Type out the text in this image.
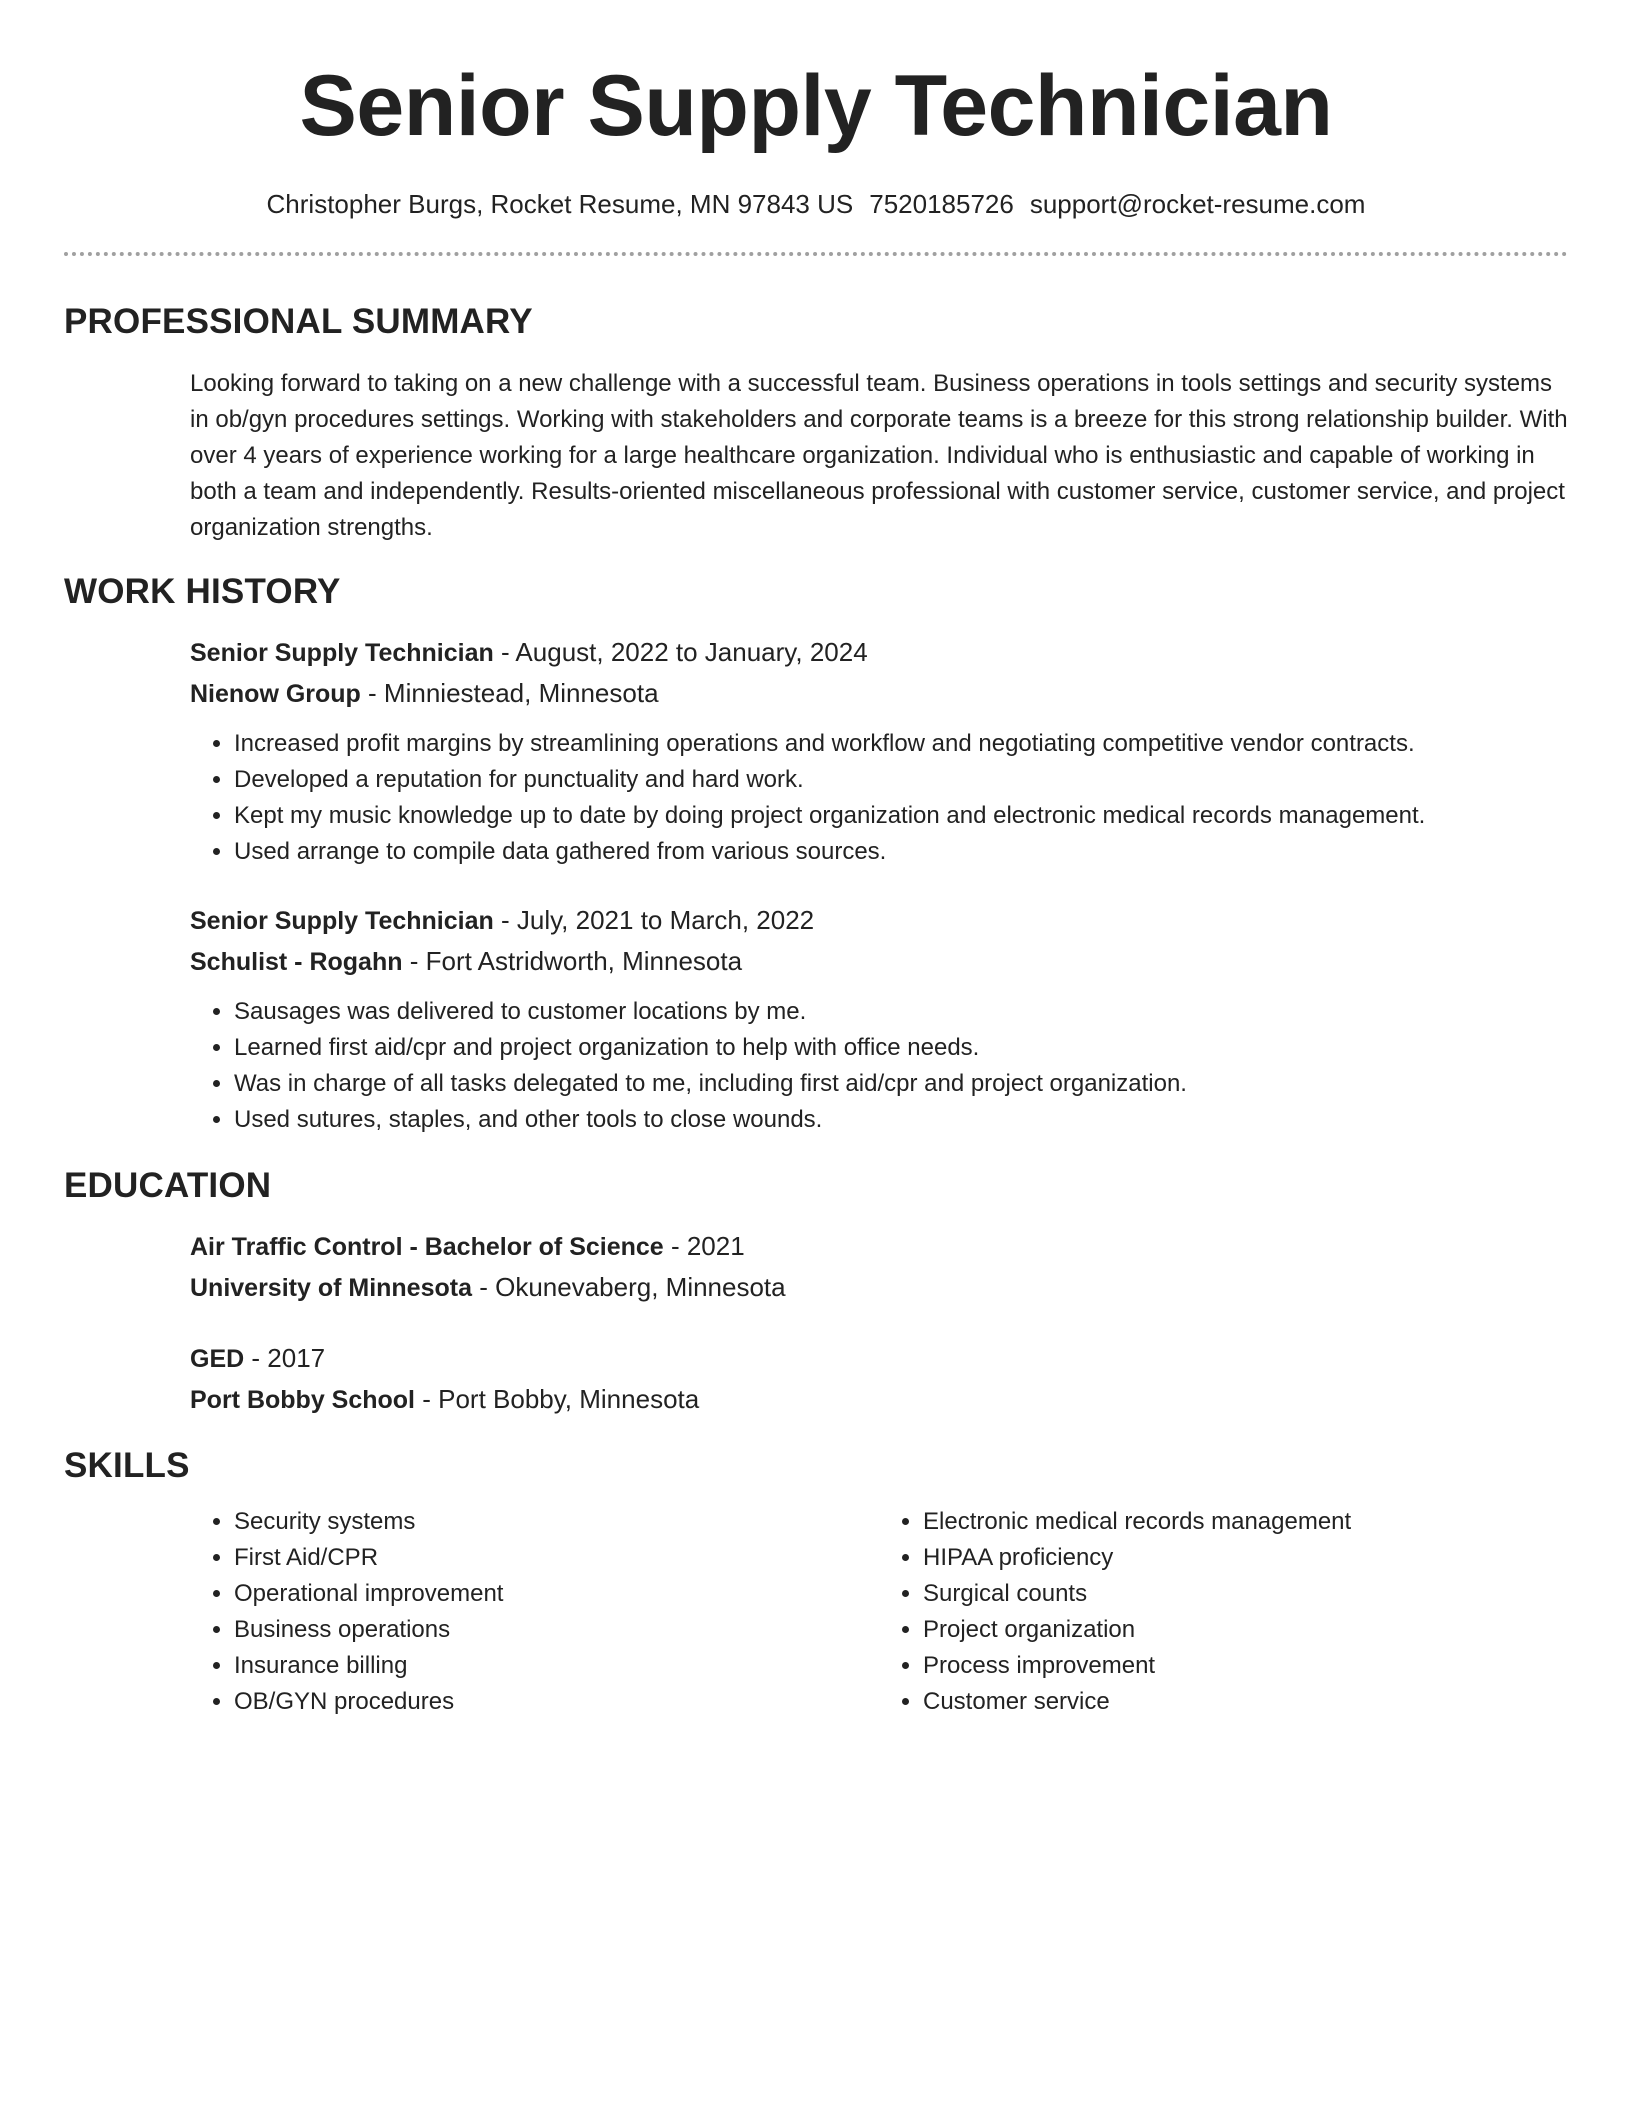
Senior Supply Technician
Christopher Burgs, Rocket Resume, MN 97843 US 7520185726 support@rocket-resume.com
PROFESSIONAL SUMMARY

Looking forward to taking on a new challenge with a successful team. Business operations in tools settings and security systems in ob/gyn procedures settings. Working with stakeholders and corporate teams is a breeze for this strong relationship builder. With over 4 years of experience working for a large healthcare organization. Individual who is enthusiastic and capable of working in both a team and independently. Results-oriented miscellaneous professional with customer service, customer service, and project organization strengths.

WORK HISTORY
Senior Supply Technician - August, 2022 to January, 2024
Nienow Group - Minniestead, Minnesota
• Increased profit margins by streamlining operations and workflow and negotiating competitive vendor contracts.
• Developed a reputation for punctuality and hard work.
• Kept my music knowledge up to date by doing project organization and electronic medical records management.
• Used arrange to compile data gathered from various sources.
Senior Supply Technician - July, 2021 to March, 2022
Schulist - Rogahn - Fort Astridworth, Minnesota
• Sausages was delivered to customer locations by me.
• Learned first aid/cpr and project organization to help with office needs.
• Was in charge of all tasks delegated to me, including first aid/cpr and project organization.
• Used sutures, staples, and other tools to close wounds.
EDUCATION
Air Traffic Control - Bachelor of Science - 2021
University of Minnesota - Okunevaberg, Minnesota
GED - 2017
Port Bobby School - Port Bobby, Minnesota
SKILLS
• Security systems
• First Aid/CPR
• Operational improvement
• Business operations
• Insurance billing
• OB/GYN procedures
• Electronic medical records management
• HIPAA proficiency
• Surgical counts
• Project organization
• Process improvement
• Customer service
